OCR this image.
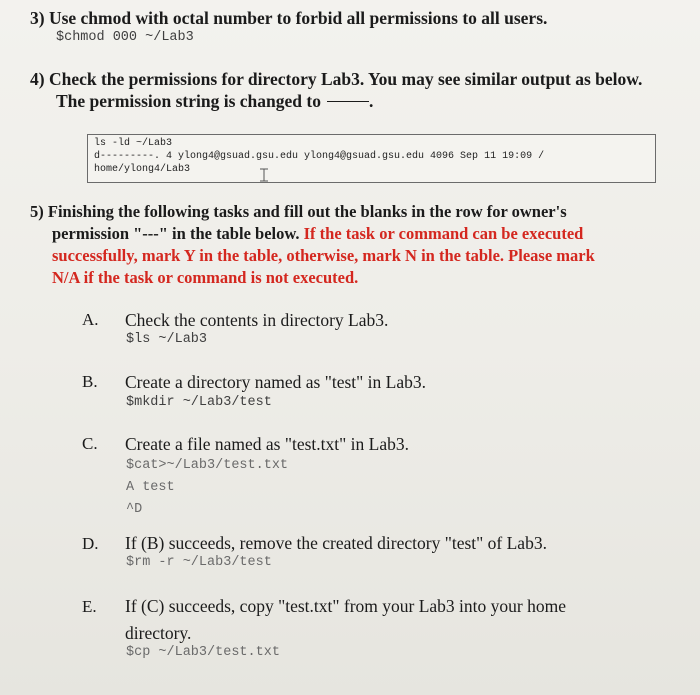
3) Use chmod with octal number to forbid all permissions to all users.
$chmod 000 ~/Lab3
4) Check the permissions for directory Lab3. You may see similar output as below.
The permission string is changed to	.
ls -ld ~/Lab3
d---------. 4 ylong4@gsuad.gsu.edu ylong4@gsuad.gsu.edu 4096 Sep 11 19:09 /
home/ylong4/Lab3
5) Finishing the following tasks and fill out the blanks in the row for owner's
permission "---" in the table below. If the task or command can be executed
successfully, mark Y in the table, otherwise, mark N in the table. Please mark
N/A if the task or command is not executed.
A. Check the contents in directory Lab3.
$ls ~/Lab3
B. Create a directory named as "test" in Lab3.
$mkdir ~/Lab3/test
C. Create a file named as "test.txt" in Lab3.
$cat>~/Lab3/test.txt
A test
^D
D. If (B) succeeds, remove the created directory "test" of Lab3.
$rm -r ~/Lab3/test
E. If (C) succeeds, copy "test.txt" from your Lab3 into your home
directory.
$cp ~/Lab3/test.txt
